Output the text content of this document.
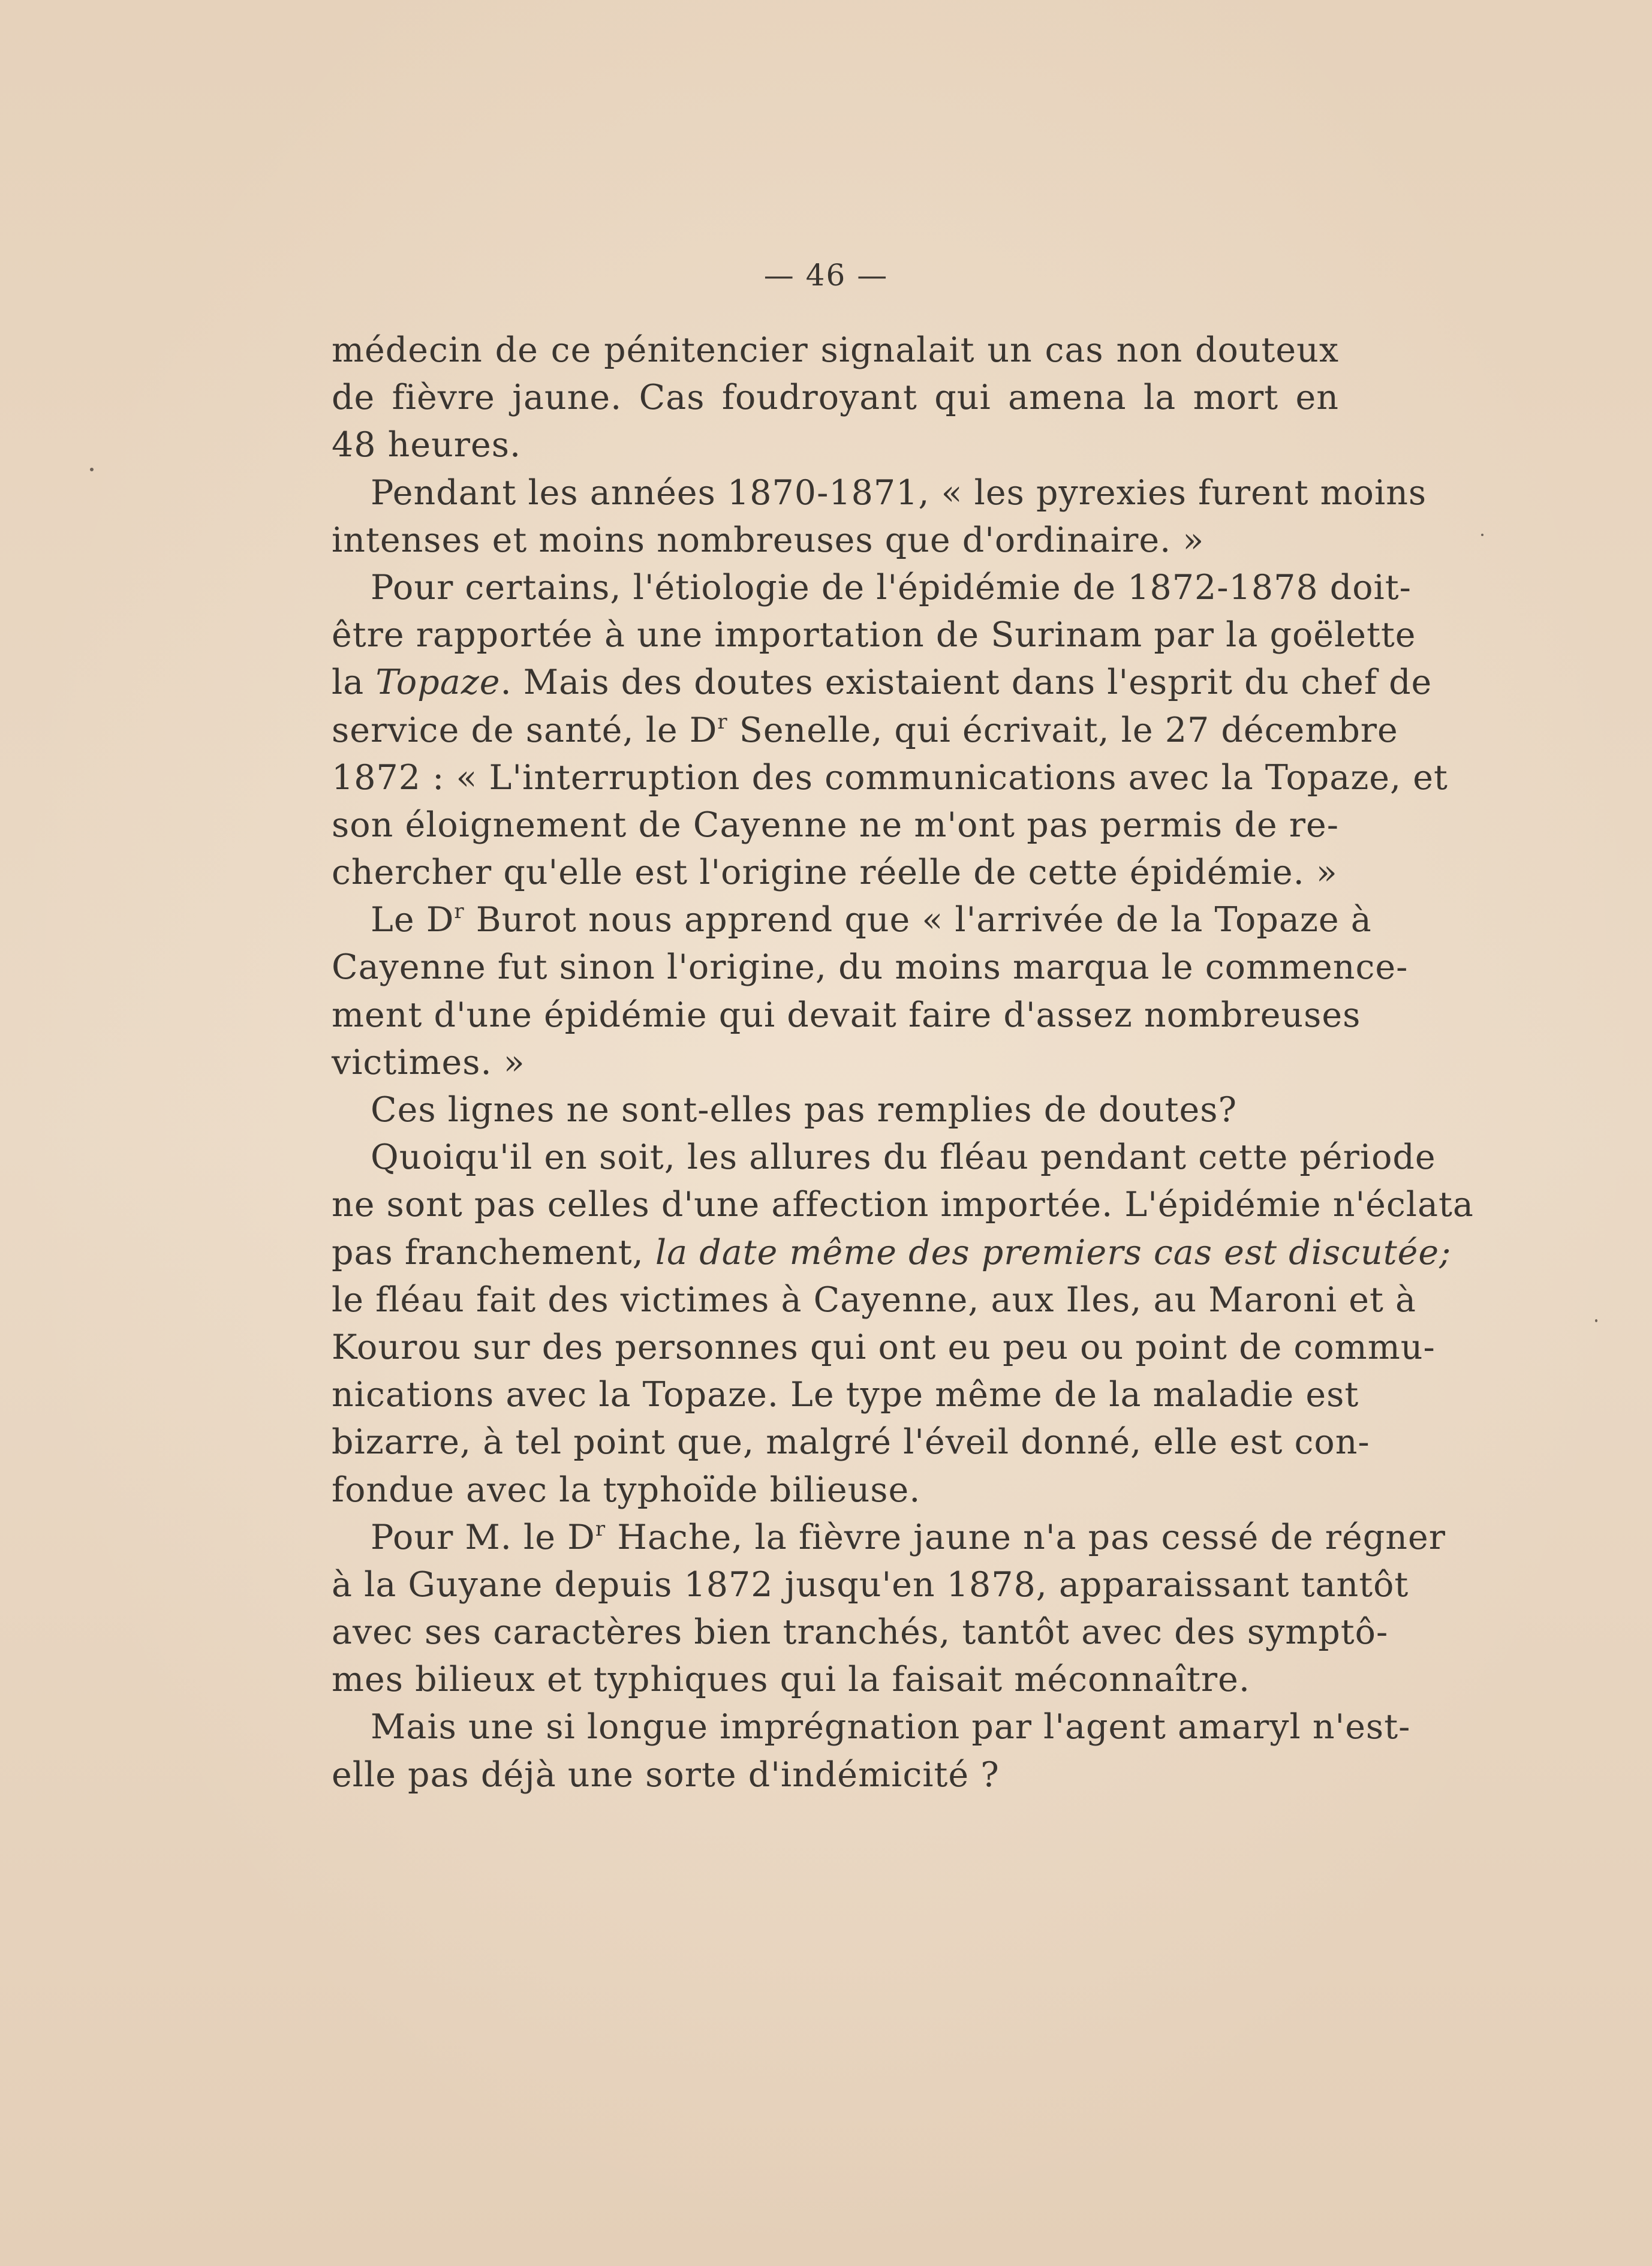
— 46 —
médecin de ce pénitencier signalait un cas non douteux
de fièvre jaune. Cas foudroyant qui amena la mort en
48 heures.
Pendant les années 1870-1871, « les pyrexies furent moins
intenses et moins nombreuses que d'ordinaire. »
Pour certains, l'étiologie de l'épidémie de 1872-1878 doit-
être rapportée à une importation de Surinam par la goëlette
la Topaze. Mais des doutes existaient dans l'esprit du chef de
service de santé, le $D^r$ Senelle, qui écrivait, le 27 décembre
1872 : « L'interruption des communications avec la Topaze, et
son éloignement de Cayenne ne m'ont pas permis de re-
chercher qu'elle est l'origine réelle de cette épidémie. »
Le $D^r$ Burot nous apprend que « l'arrivée de la Topaze à
Cayenne fut sinon l'origine, du moins marqua le commence-
ment d'une épidémie qui devait faire d'assez nombreuses
victimes. »
Ces lignes ne sont-elles pas remplies de doutes?
Quoiqu'il en soit, les allures du fléau pendant cette période
ne sont pas celles d'une affection importée. L'épidémie n'éclata
pas franchement, la date même des premiers cas est discutée;
le fléau fait des victimes à Cayenne, aux Iles, au Maroni et à
Kourou sur des personnes qui ont eu peu ou point de commu-
nications avec la Topaze. Le type même de la maladie est
bizarre, à tel point que, malgré l'éveil donné, elle est con-
fondue avec la typhoïde bilieuse.
Pour M. le $D^r$ Hache, la fièvre jaune n'a pas cessé de régner
à la Guyane depuis 1872 jusqu'en 1878, apparaissant tantôt
avec ses caractères bien tranchés, tantôt avec des symptô-
mes bilieux et typhiques qui la faisait méconnaître.
Mais une si longue imprégnation par l'agent amaryl n'est-
elle pas déjà une sorte d'indémicité ?
